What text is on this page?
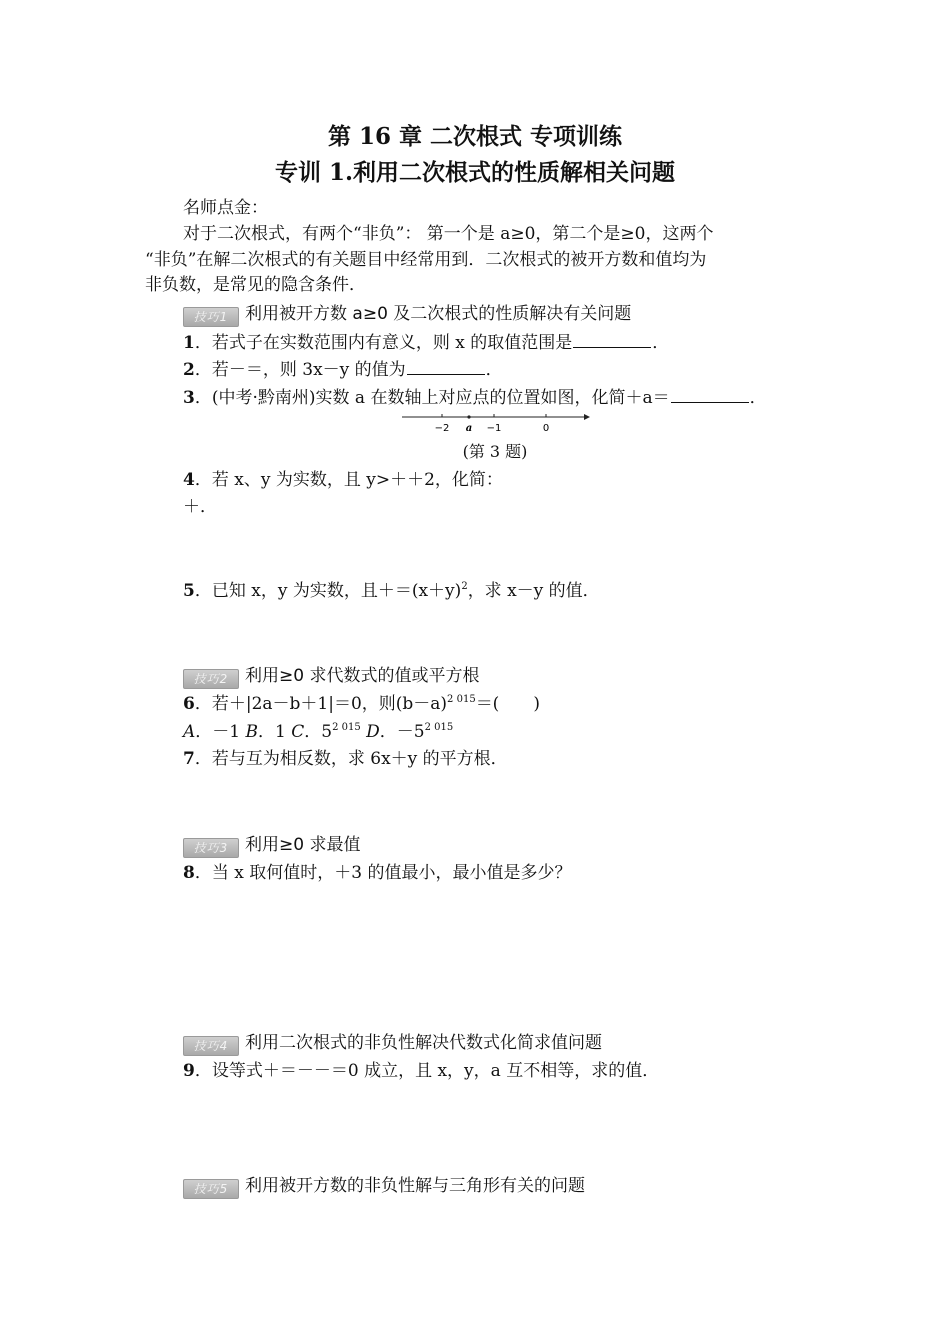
第 16 章 二次根式 专项训练
专训 1.利用二次根式的性质解相关问题
名师点金：
对于二次根式，有两个“非负”： 第一个是 a≥0，第二个是≥0，这两个
“非负”在解二次根式的有关题目中经常用到．二次根式的被开方数和值均为
非负数，是常见的隐含条件．
技巧1 利用被开方数 a≥0 及二次根式的性质解决有关问题
1．若式子在实数范围内有意义，则 x 的取值范围是	．
2．若－＝，则 3x－y 的值为	．
3．(中考·黔南州)实数 a 在数轴上对应点的位置如图，化简＋a＝	．
−2 a −1	0
(第 3 题)
4．若 x、y 为实数，且 y>＋＋2，化简：
＋．
5．已知 x，y 为实数，且$+=(x+y)^2$，求 x－y 的值．
技巧2 利用≥0 求代数式的值或平方根
6．若＋|2a－b＋1|＝0，则$(b-a)^{2 015}=$(　　)
A．－1 B．1 C．$5^{2 015}$ D．$-5^{2 015}$
7．若与互为相反数，求 6x＋y 的平方根．
技巧3 利用≥0 求最值
8．当 x 取何值时，＋3 的值最小，最小值是多少？
技巧4 利用二次根式的非负性解决代数式化简求值问题
9．设等式＋＝－－＝0 成立，且 x，y，a 互不相等，求的值．
技巧5 利用被开方数的非负性解与三角形有关的问题
